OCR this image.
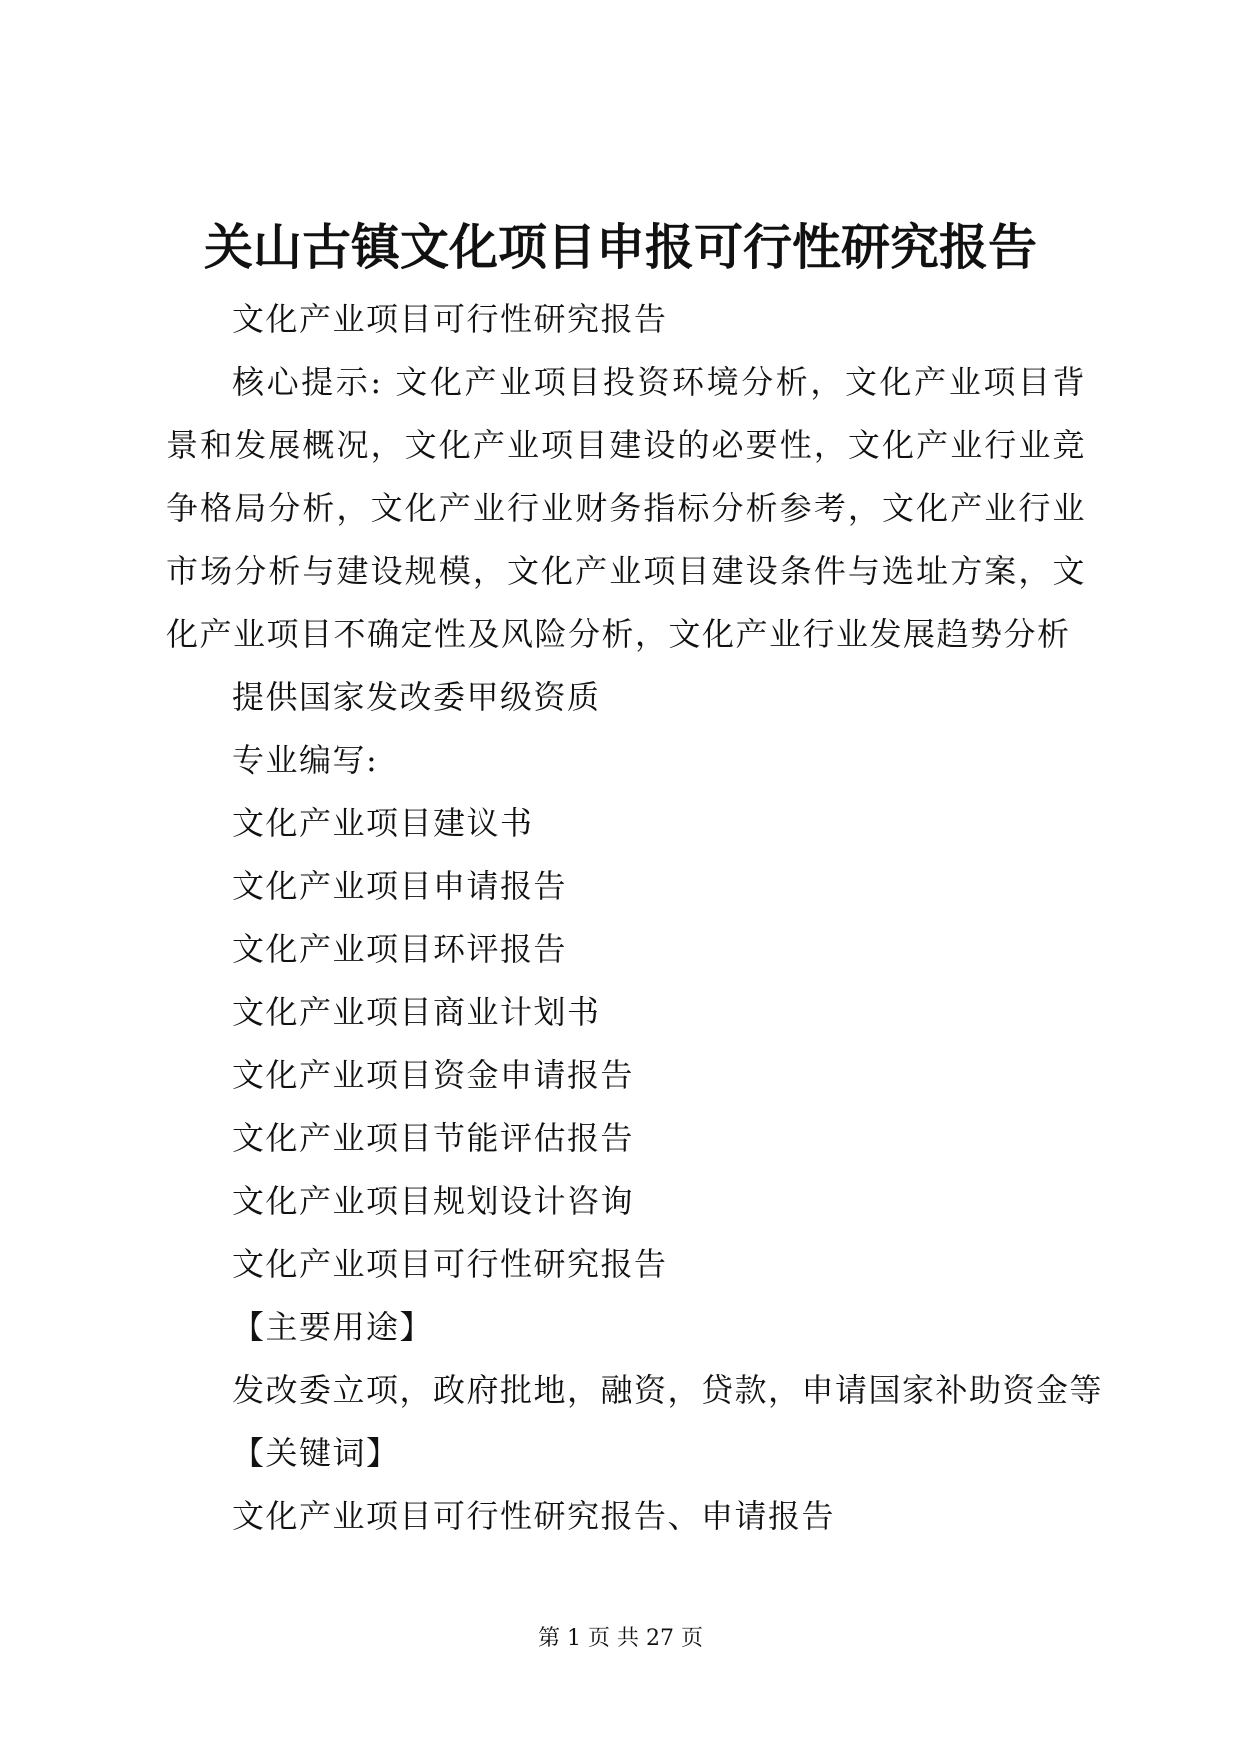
关山古镇文化项目申报可行性研究报告

文化产业项目可行性研究报告

核心提示: 文化产业项目投资环境分析，文化产业项目背景和发展概况，文化产业项目建设的必要性，文化产业行业竞争格局分析，文化产业行业财务指标分析参考，文化产业行业市场分析与建设规模，文化产业项目建设条件与选址方案，文化产业项目不确定性及风险分析，文化产业行业发展趋势分析

提供国家发改委甲级资质

专业编写:

文化产业项目建议书

文化产业项目申请报告

文化产业项目环评报告

文化产业项目商业计划书

文化产业项目资金申请报告

文化产业项目节能评估报告

文化产业项目规划设计咨询

文化产业项目可行性研究报告

【主要用途】

发改委立项，政府批地，融资，贷款，申请国家补助资金等

【关键词】

文化产业项目可行性研究报告、申请报告

第 1 页 共 27 页
